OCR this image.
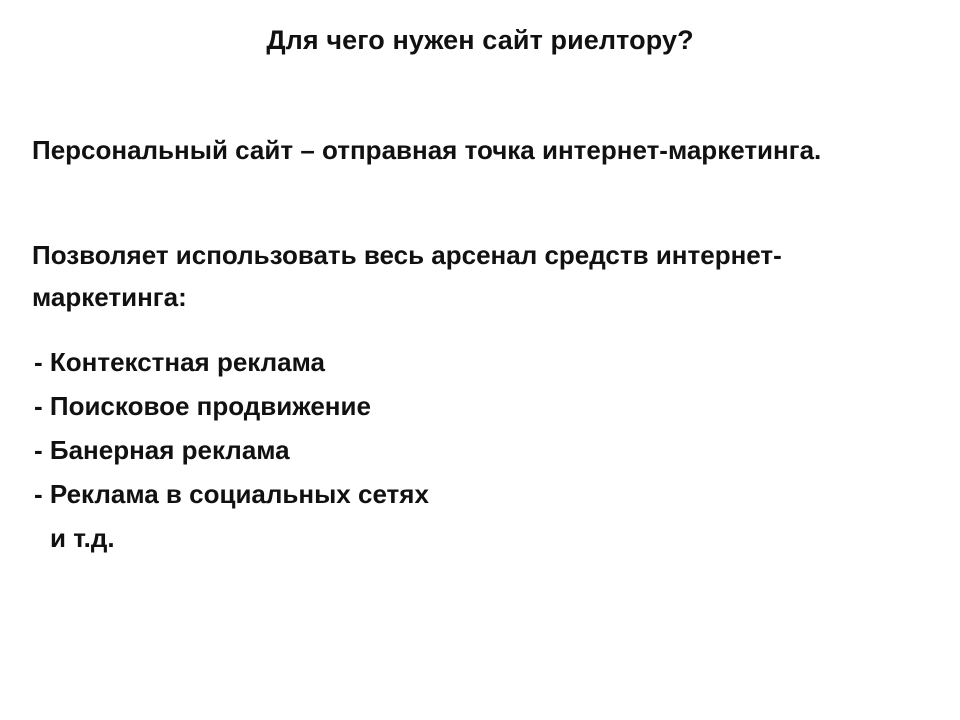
Для чего нужен сайт риелтору?
Персональный сайт – отправная точка интернет-маркетинга.
Позволяет использовать весь арсенал средств интернет-маркетинга:
- Контекстная реклама
- Поисковое продвижение
- Банерная реклама
- Реклама в социальных сетях
и т.д.
